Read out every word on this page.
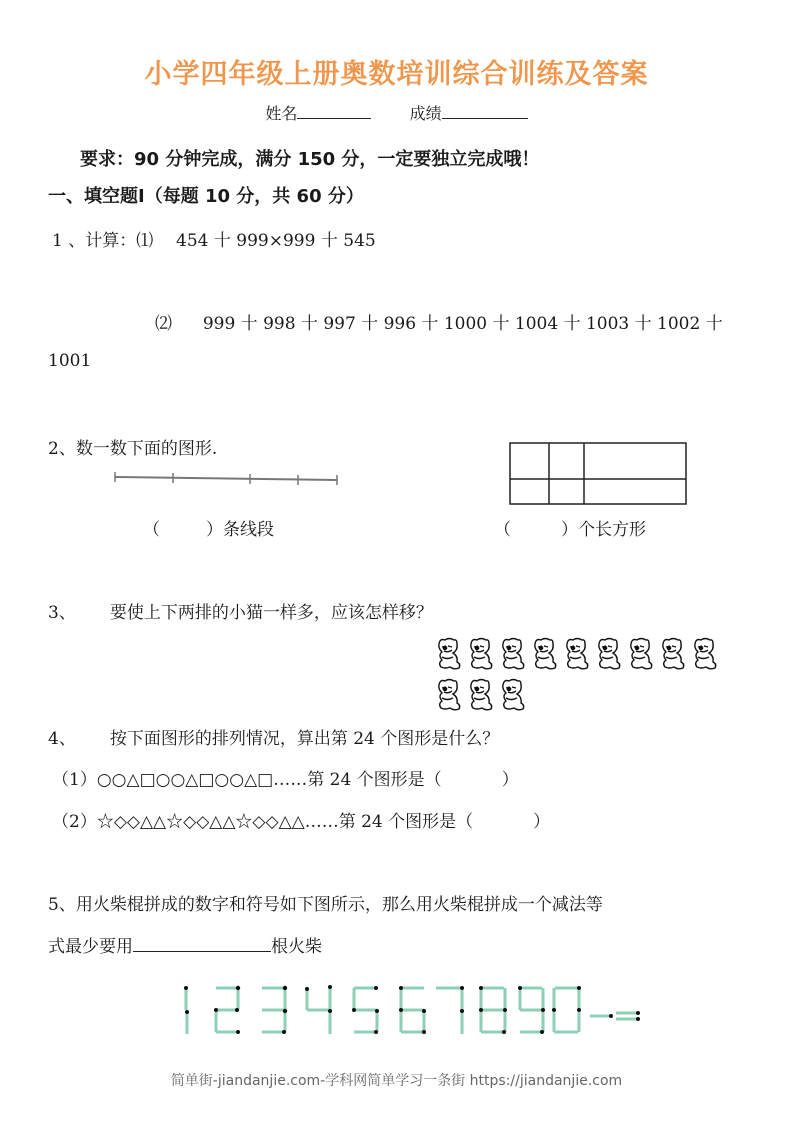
小学四年级上册奥数培训综合训练及答案
姓名	成绩
要求：90 分钟完成，满分 150 分，一定要独立完成哦！
一、填空题Ⅰ（每题 10 分，共 60 分）
1 、计算：⑴ 454 十 999×999 十 545
⑵ 999 十 998 十 997 十 996 十 1000 十 1004 十 1003 十 1002 十
1001
2、数一数下面的图形.
（	）条线段	（	）个长方形
3、 要使上下两排的小猫一样多，应该怎样移？
4、 按下面图形的排列情况，算出第 24 个图形是什么？
（1）○○△□○○△□○○△□……第 24 个图形是（	）
（2）☆◇◇△△☆◇◇△△☆◇◇△△……第 24 个图形是（	）
5、用火柴棍拼成的数字和符号如下图所示，那么用火柴棍拼成一个减法等
式最少要用	根火柴
简单街-jiandanjie.com-学科网简单学习一条街 https://jiandanjie.com
